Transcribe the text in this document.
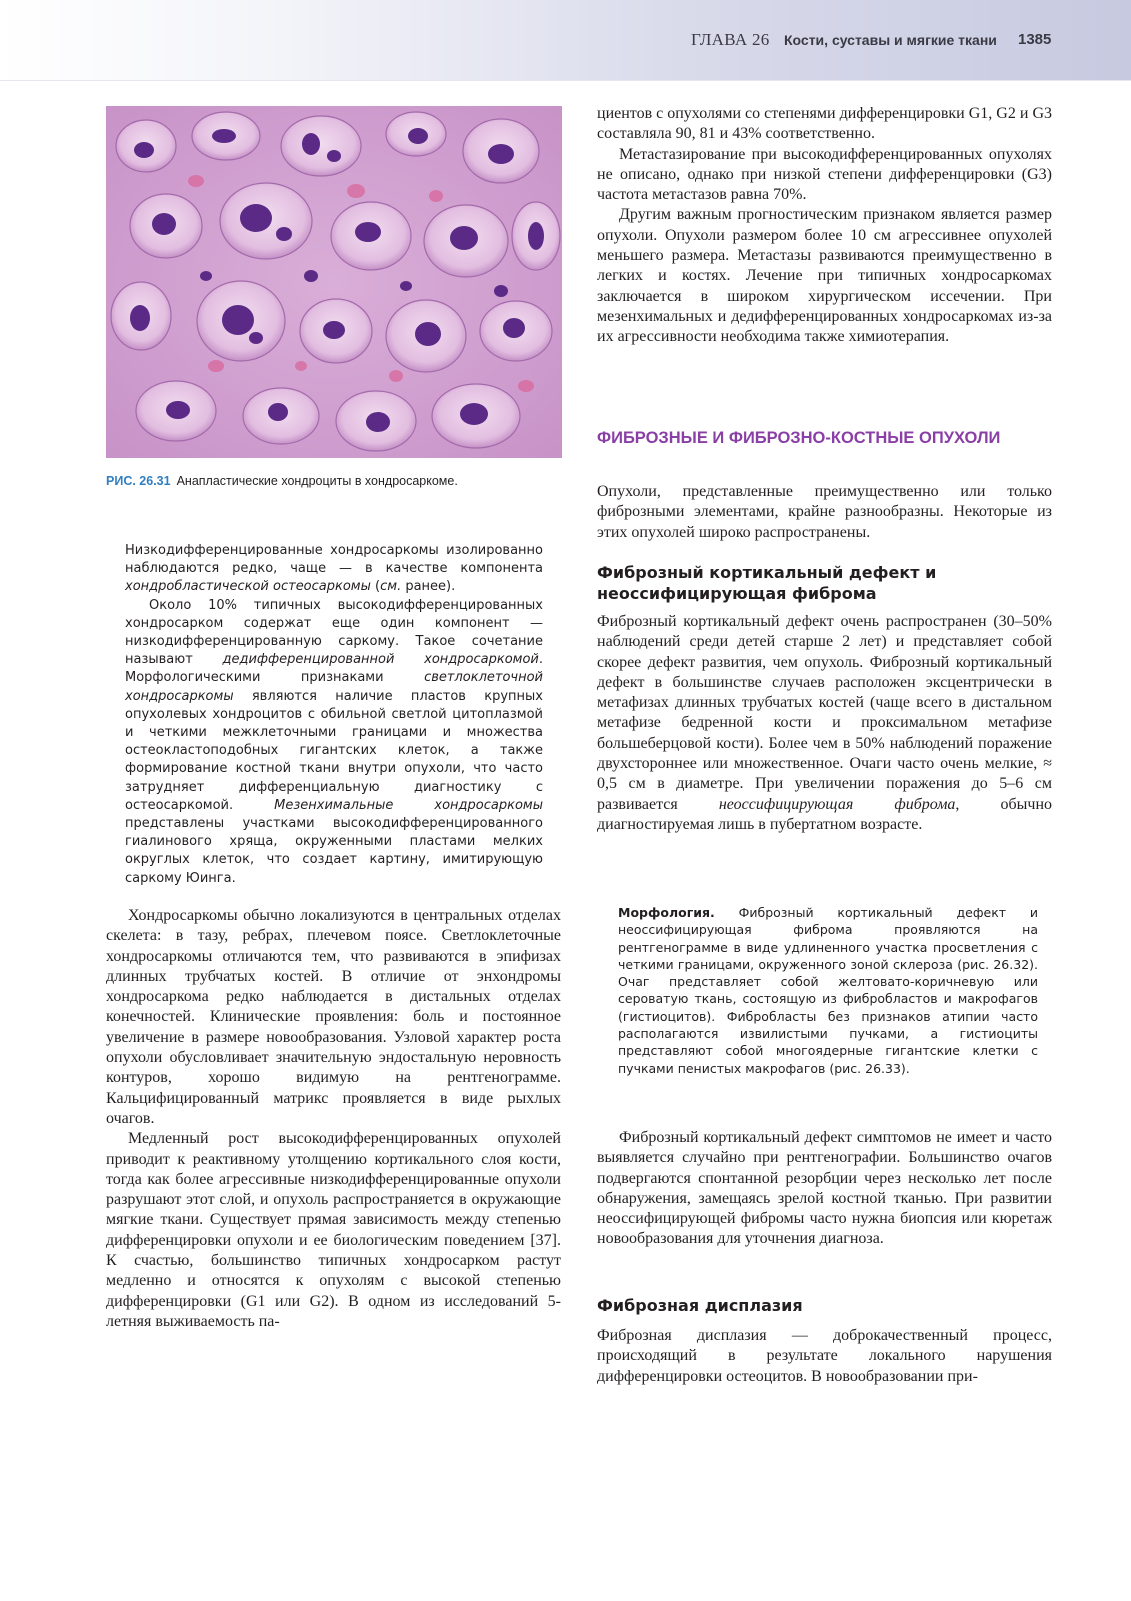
ГЛАВА 26 Кости, суставы и мягкие ткани 1385
РИС. 26.31 Анапластические хондроциты в хондросаркоме.

Низкодифференцированные хондросаркомы изолированно наблюдаются редко, чаще — в качестве компонента хондробластической остеосаркомы (см. ранее).

Около 10% типичных высокодифференцированных хондросарком содержат еще один компонент — низкодифференцированную саркому. Такое сочетание называют дедифференцированной хондросаркомой. Морфологическими признаками светлоклеточной хондросаркомы являются наличие пластов крупных опухолевых хондроцитов с обильной светлой цитоплазмой и четкими межклеточными границами и множества остеокластоподобных гигантских клеток, а также формирование костной ткани внутри опухоли, что часто затрудняет дифференциальную диагностику с остеосаркомой. Мезенхимальные хондросаркомы представлены участками высокодифференцированного гиалинового хряща, окруженными пластами мелких округлых клеток, что создает картину, имитирующую саркому Юинга.

Хондросаркомы обычно локализуются в центральных отделах скелета: в тазу, ребрах, плечевом поясе. Светлоклеточные хондросаркомы отличаются тем, что развиваются в эпифизах длинных трубчатых костей. В отличие от энхондромы хондросаркома редко наблюдается в дистальных отделах конечностей. Клинические проявления: боль и постоянное увеличение в размере новообразования. Узловой характер роста опухоли обусловливает значительную эндостальную неровность контуров, хорошо видимую на рентгенограмме. Кальцифицированный матрикс проявляется в виде рыхлых очагов.

Медленный рост высокодифференцированных опухолей приводит к реактивному утолщению кортикального слоя кости, тогда как более агрессивные низкодифференцированные опухоли разрушают этот слой, и опухоль распространяется в окружающие мягкие ткани. Существует прямая зависимость между степенью дифференцировки опухоли и ее биологическим поведением [37]. К счастью, большинство типичных хондросарком растут медленно и относятся к опухолям с высокой степенью дифференцировки (G1 или G2). В одном из исследований 5-летняя выживаемость па-

циентов с опухолями со степенями дифференцировки G1, G2 и G3 составляла 90, 81 и 43% соответственно.

Метастазирование при высокодифференцированных опухолях не описано, однако при низкой степени дифференцировки (G3) частота метастазов равна 70%.

Другим важным прогностическим признаком является размер опухоли. Опухоли размером более 10 см агрессивнее опухолей меньшего размера. Метастазы развиваются преимущественно в легких и костях. Лечение при типичных хондросаркомах заключается в широком хирургическом иссечении. При мезенхимальных и дедифференцированных хондросаркомах из-за их агрессивности необходима также химиотерапия.

ФИБРОЗНЫЕ И ФИБРОЗНО-КОСТНЫЕ ОПУХОЛИ

Опухоли, представленные преимущественно или только фиброзными элементами, крайне разнообразны. Некоторые из этих опухолей широко распространены.

Фиброзный кортикальный дефект и неоссифицирующая фиброма

Фиброзный кортикальный дефект очень распространен (30–50% наблюдений среди детей старше 2 лет) и представляет собой скорее дефект развития, чем опухоль. Фиброзный кортикальный дефект в большинстве случаев расположен эксцентрически в метафизах длинных трубчатых костей (чаще всего в дистальном метафизе бедренной кости и проксимальном метафизе большеберцовой кости). Более чем в 50% наблюдений поражение двухстороннее или множественное. Очаги часто очень мелкие, ≈ 0,5 см в диаметре. При увеличении поражения до 5–6 см развивается неоссифицирующая фиброма, обычно диагностируемая лишь в пубертатном возрасте.

Морфология. Фиброзный кортикальный дефект и неоссифицирующая фиброма проявляются на рентгенограмме в виде удлиненного участка просветления с четкими границами, окруженного зоной склероза (рис. 26.32). Очаг представляет собой желтовато-коричневую или сероватую ткань, состоящую из фибробластов и макрофагов (гистиоцитов). Фибробласты без признаков атипии часто располагаются извилистыми пучками, а гистиоциты представляют собой многоядерные гигантские клетки с пучками пенистых макрофагов (рис. 26.33).

Фиброзный кортикальный дефект симптомов не имеет и часто выявляется случайно при рентгенографии. Большинство очагов подвергаются спонтанной резорбции через несколько лет после обнаружения, замещаясь зрелой костной тканью. При развитии неоссифицирующей фибромы часто нужна биопсия или кюретаж новообразования для уточнения диагноза.

Фиброзная дисплазия

Фиброзная дисплазия — доброкачественный процесс, происходящий в результате локального нарушения дифференцировки остеоцитов. В новообразовании при-
